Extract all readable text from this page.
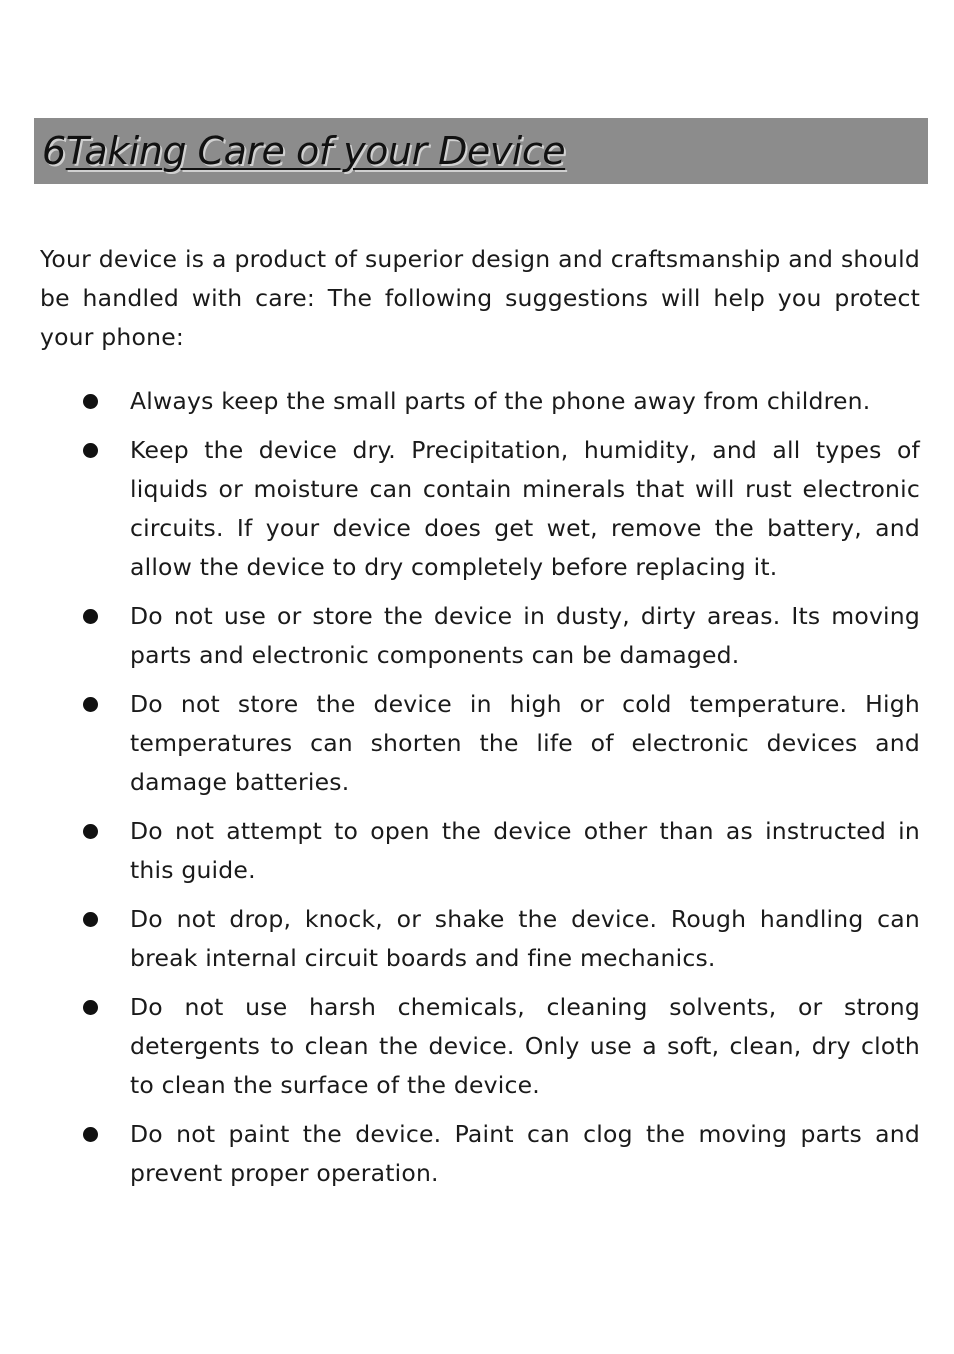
6Taking Care of your Device

Your device is a product of superior design and craftsmanship and should be handled with care: The following suggestions will help you protect your phone:

Always keep the small parts of the phone away from children.
Keep the device dry. Precipitation, humidity, and all types of liquids or moisture can contain minerals that will rust electronic circuits. If your device does get wet, remove the battery, and allow the device to dry completely before replacing it.
Do not use or store the device in dusty, dirty areas. Its moving parts and electronic components can be damaged.
Do not store the device in high or cold temperature. High temperatures can shorten the life of electronic devices and damage batteries.
Do not attempt to open the device other than as instructed in this guide.
Do not drop, knock, or shake the device. Rough handling can break internal circuit boards and fine mechanics.
Do not use harsh chemicals, cleaning solvents, or strong detergents to clean the device. Only use a soft, clean, dry cloth to clean the surface of the device.
Do not paint the device. Paint can clog the moving parts and prevent proper operation.
